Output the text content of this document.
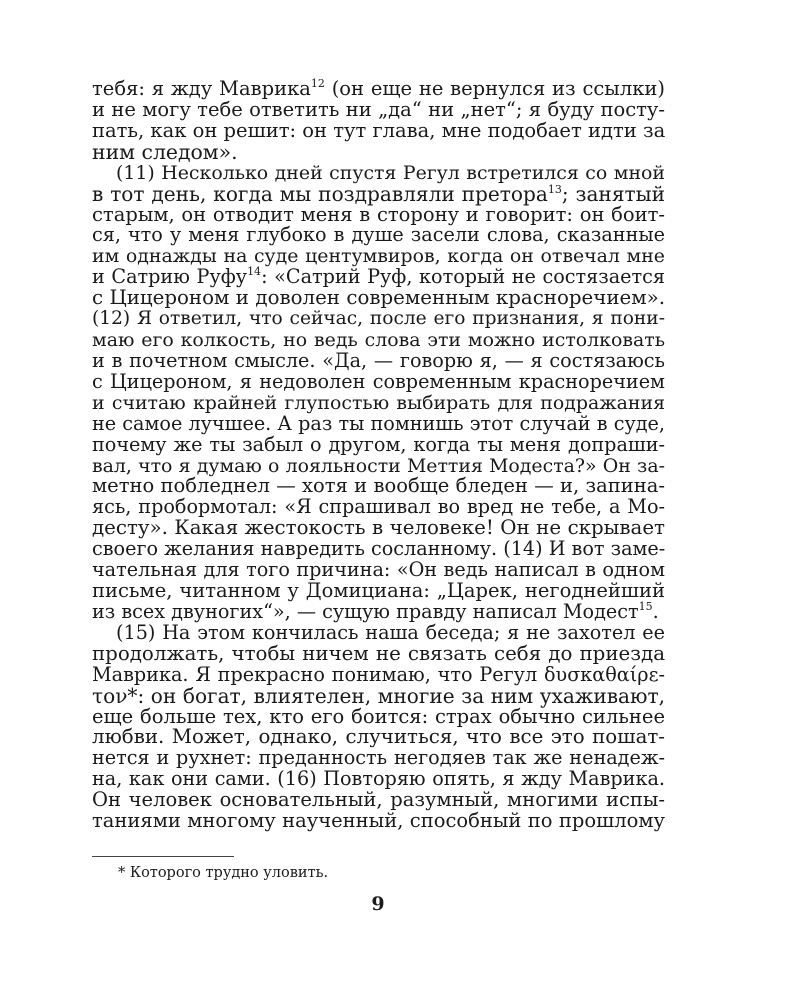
тебя: я жду Маврика$^{12}$ (он еще не вернулся из ссылки)
и не могу тебе ответить ни „да“ ни „нет“; я буду посту-
пать, как он решит: он тут глава, мне подобает идти за
ним следом».
(11) Несколько дней спустя Регул встретился со мной
в тот день, когда мы поздравляли претора$^{13}$; занятый
старым, он отводит меня в сторону и говорит: он боит-
ся, что у меня глубоко в душе засели слова, сказанные
им однажды на суде центумвиров, когда он отвечал мне
и Сатрию Руфу$^{14}$: «Сатрий Руф, который не состязается
с Цицероном и доволен современным красноречием».
(12) Я ответил, что сейчас, после его признания, я пони-
маю его колкость, но ведь слова эти можно истолковать
и в почетном смысле. «Да, — говорю я, — я состязаюсь
с Цицероном, я недоволен современным красноречием
и считаю крайней глупостью выбирать для подражания
не самое лучшее. А раз ты помнишь этот случай в суде,
почему же ты забыл о другом, когда ты меня допраши-
вал, что я думаю о лояльности Меттия Модеста?» Он за-
метно побледнел — хотя и вообще бледен — и, запина-
ясь, пробормотал: «Я спрашивал во вред не тебе, а Мо-
десту». Какая жестокость в человеке! Он не скрывает
своего желания навредить сосланному. (14) И вот заме-
чательная для того причина: «Он ведь написал в одном
письме, читанном у Домициана: „Царек, негоднейший
из всех двуногих“», — сущую правду написал Модест$^{15}$.
(15) На этом кончилась наша беседа; я не захотел ее
продолжать, чтобы ничем не связать себя до приезда
Маврика. Я прекрасно понимаю, что Регул δυσκαθαίρε-
τον*: он богат, влиятелен, многие за ним ухаживают,
еще больше тех, кто его боится: страх обычно сильнее
любви. Может, однако, случиться, что все это пошат-
нется и рухнет: преданность негодяев так же ненадеж-
на, как они сами. (16) Повторяю опять, я жду Маврика.
Он человек основательный, разумный, многими испы-
таниями многому наученный, способный по прошлому
* Которого трудно уловить.
9
